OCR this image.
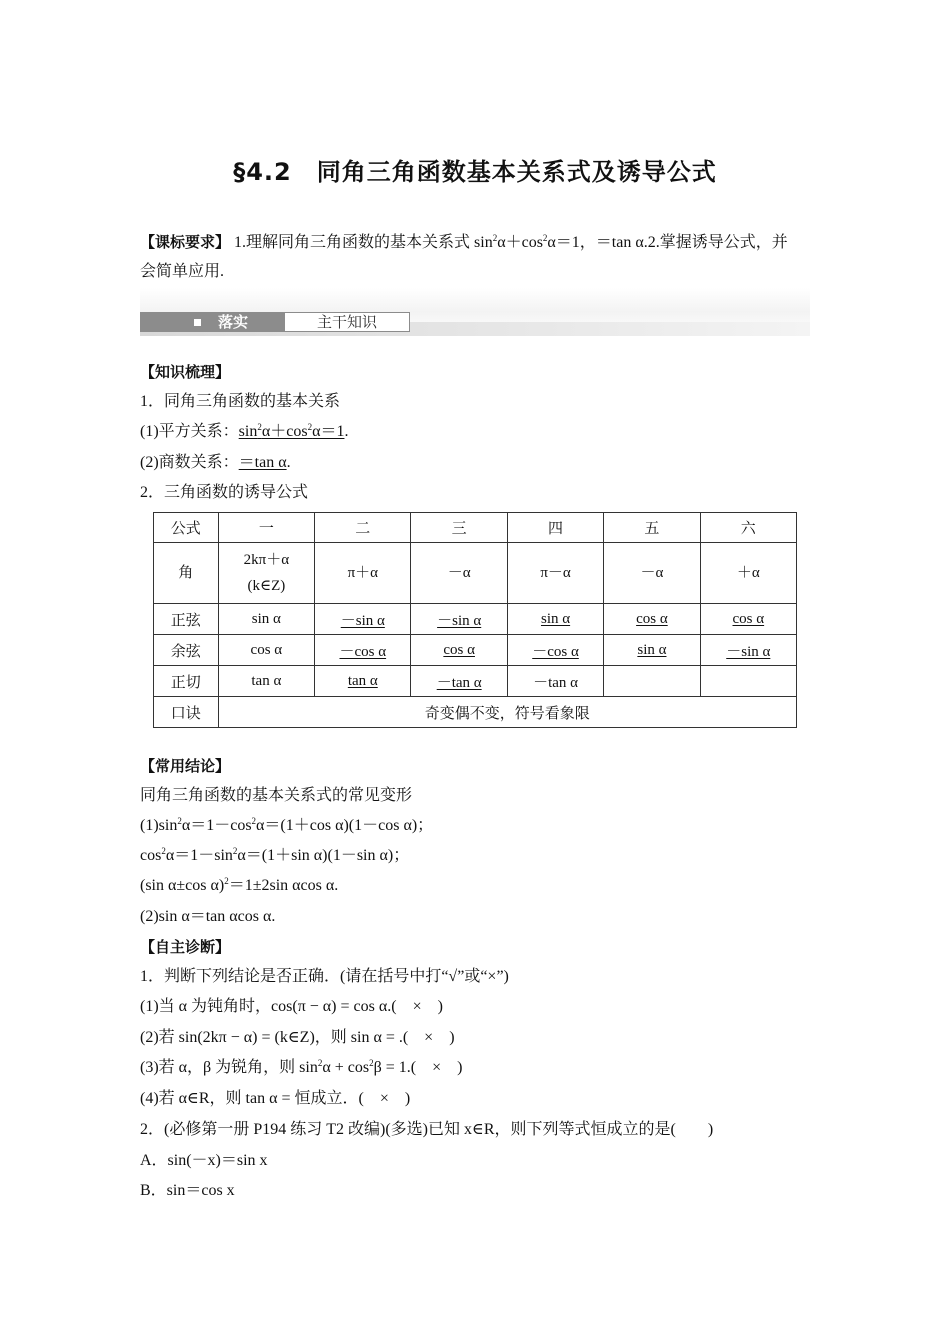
§4.2　同角三角函数基本关系式及诱导公式
【课标要求】 1.理解同角三角函数的基本关系式 $\sin^2\alpha+\cos^2\alpha=1$，＝tan α.2.掌握诱导公式，并
会简单应用.
落实	主干知识
【知识梳理】
1．同角三角函数的基本关系
(1)平方关系：$\sin^2\alpha+\cos^2\alpha=1$.
(2)商数关系：＝tan α.
2．三角函数的诱导公式
公式	一	二	三	四	五	六
角	2kπ＋α
(k∈Z)	π＋α	－α	π－α	－α	＋α
正弦	sin α	－sin α	－sin α	sin α	cos α	cos α
余弦	cos α	－cos α	cos α	－cos α	sin α	－sin α
正切	tan α	tan α	－tan α	－tan α		
口诀	奇变偶不变，符号看象限					
【常用结论】
同角三角函数的基本关系式的常见变形
$(1)\sin^2\alpha=1-\cos^2\alpha=(1+\cos$ α)(1－cos α)；
$\cos^2\alpha=1-\sin^2\alpha=(1+\sin$ α)(1－sin α)；
(sin α±cos α)$^2$＝1±2sin αcos α.
(2)sin α＝tan αcos α.
【自主诊断】
1．判断下列结论是否正确．(请在括号中打“√”或“×”)
(1)当 α 为钝角时，cos(π − α) = cos α.(　×　)
(2)若 sin(2kπ − α) = (k∈Z)，则 sin α = .(　×　)
(3)若 α，β 为锐角，则 $\sin^2\alpha + \cos^2\beta = 1$.(　×　)
(4)若 α∈R，则 tan α = 恒成立．(　×　)
2．(必修第一册 P194 练习 T2 改编)(多选)已知 x∈R，则下列等式恒成立的是(　　)
A．sin(－x)＝sin x
B．sin＝cos x
